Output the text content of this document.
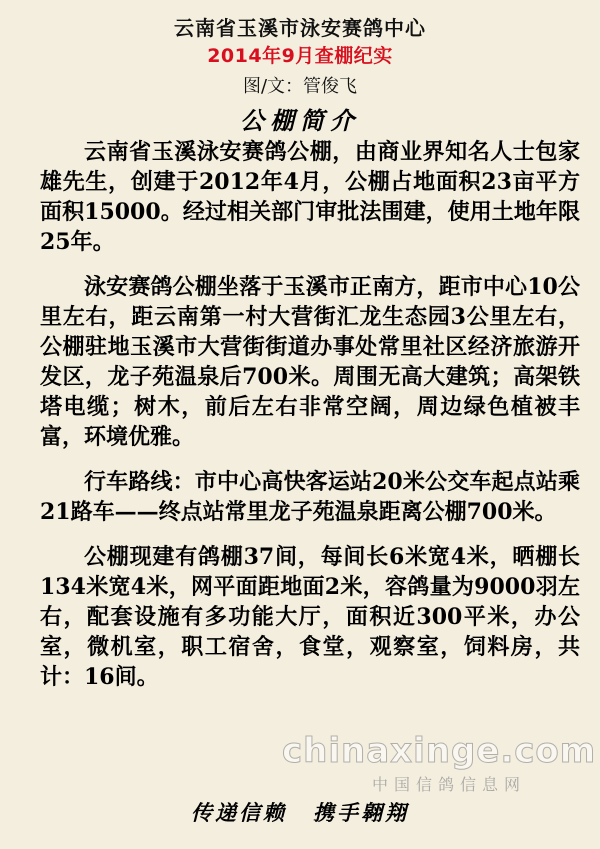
云南省玉溪市泳安赛鸽中心
2014年9月查棚纪实
图/文：管俊飞
公棚简介

云南省玉溪泳安赛鸽公棚，由商业界知名人士包家雄先生，创建于2012年4月，公棚占地面积23亩平方面积15000。经过相关部门审批法围建，使用土地年限25年。

泳安赛鸽公棚坐落于玉溪市正南方，距市中心10公里左右，距云南第一村大营街汇龙生态园3公里左右，公棚驻地玉溪市大营街街道办事处常里社区经济旅游开发区，龙子苑温泉后700米。周围无高大建筑；高架铁塔电缆；树木，前后左右非常空阔，周边绿色植被丰富，环境优雅。

行车路线：市中心高快客运站20米公交车起点站乘21路车——终点站常里龙子苑温泉距离公棚700米。

公棚现建有鸽棚37间，每间长6米宽4米，晒棚长134米宽4米，网平面距地面2米，容鸽量为9000羽左右，配套设施有多功能大厅，面积近300平米，办公室，微机室，职工宿舍，食堂，观察室，饲料房，共计：16间。

chinaxinge.com
中国信鸽信息网
传递信赖 携手翱翔
